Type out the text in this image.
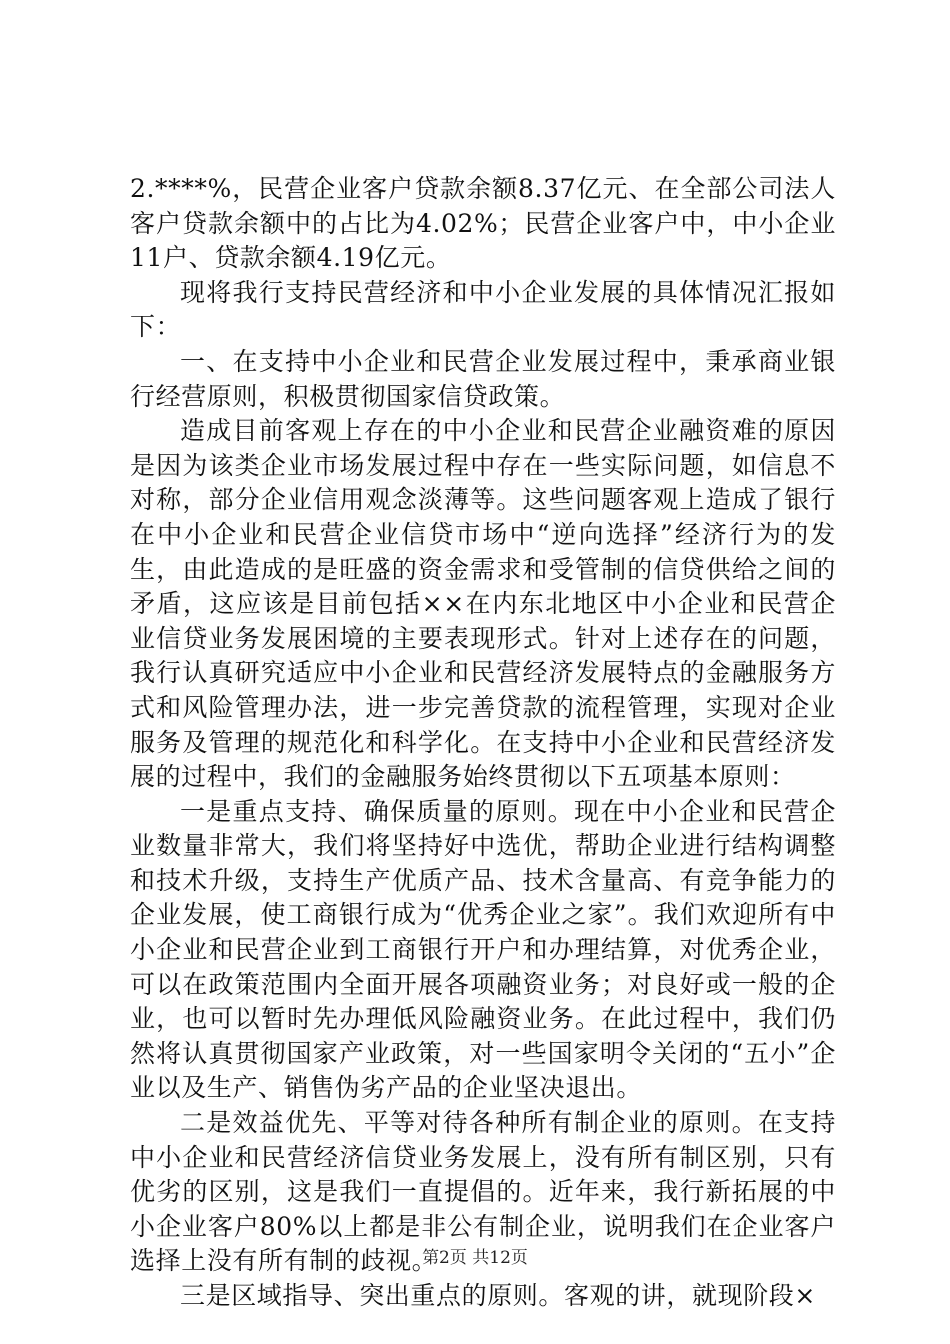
2.****%，民营企业客户贷款余额8.37亿元、在全部公司法人客户贷款余额中的占比为4.02%；民营企业客户中，中小企业11户、贷款余额4.19亿元。

现将我行支持民营经济和中小企业发展的具体情况汇报如下：

一、在支持中小企业和民营企业发展过程中，秉承商业银行经营原则，积极贯彻国家信贷政策。

造成目前客观上存在的中小企业和民营企业融资难的原因是因为该类企业市场发展过程中存在一些实际问题，如信息不对称，部分企业信用观念淡薄等。这些问题客观上造成了银行在中小企业和民营企业信贷市场中“逆向选择”经济行为的发生，由此造成的是旺盛的资金需求和受管制的信贷供给之间的矛盾，这应该是目前包括××在内东北地区中小企业和民营企业信贷业务发展困境的主要表现形式。针对上述存在的问题，我行认真研究适应中小企业和民营经济发展特点的金融服务方式和风险管理办法，进一步完善贷款的流程管理，实现对企业服务及管理的规范化和科学化。在支持中小企业和民营经济发展的过程中，我们的金融服务始终贯彻以下五项基本原则：

一是重点支持、确保质量的原则。现在中小企业和民营企业数量非常大，我们将坚持好中选优，帮助企业进行结构调整和技术升级，支持生产优质产品、技术含量高、有竞争能力的企业发展，使工商银行成为“优秀企业之家”。我们欢迎所有中小企业和民营企业到工商银行开户和办理结算，对优秀企业，可以在政策范围内全面开展各项融资业务；对良好或一般的企业，也可以暂时先办理低风险融资业务。在此过程中，我们仍然将认真贯彻国家产业政策，对一些国家明令关闭的“五小”企业以及生产、销售伪劣产品的企业坚决退出。

二是效益优先、平等对待各种所有制企业的原则。在支持中小企业和民营经济信贷业务发展上，没有所有制区别，只有优劣的区别，这是我们一直提倡的。近年来，我行新拓展的中小企业客户80%以上都是非公有制企业，说明我们在企业客户选择上没有所有制的歧视。

三是区域指导、突出重点的原则。客观的讲，就现阶段×

第2页 共12页
